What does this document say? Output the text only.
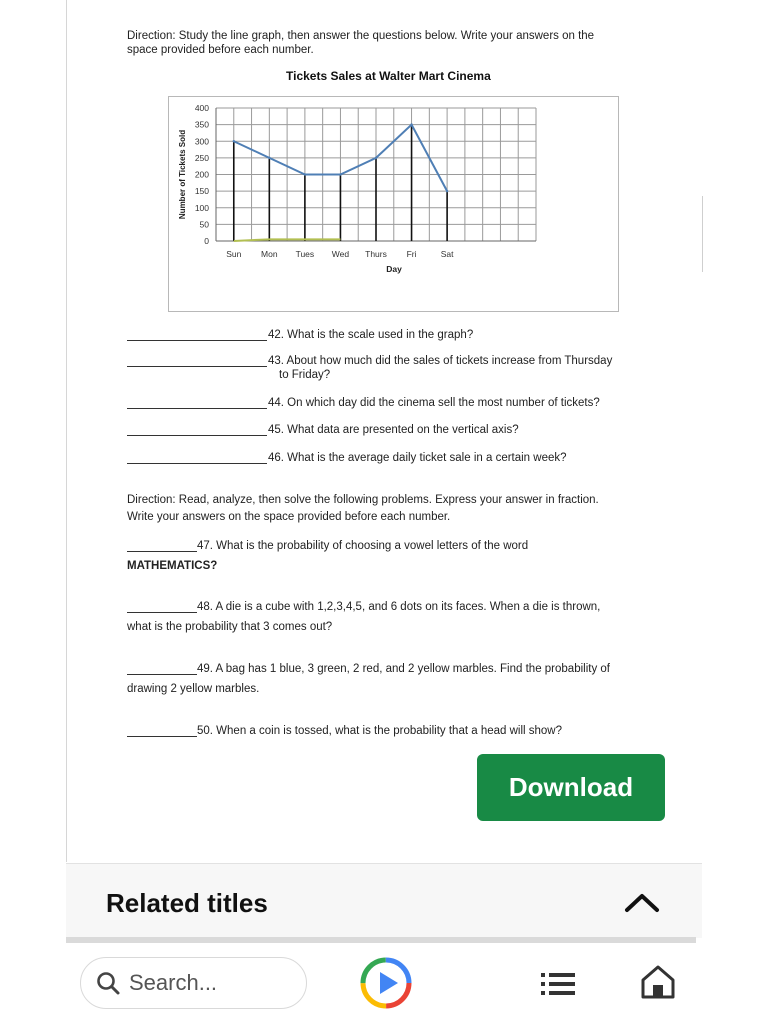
Direction: Study the line graph, then answer the questions below. Write your answers on the
space provided before each number.
Tickets Sales at Walter Mart Cinema
0
50
100
150
200
250
300
350
400
Sun Mon Tues Wed Thurs Fri	Sat
Day
Number of Tickets Sold
42. What is the scale used in the graph?
43. About how much did the sales of tickets increase from Thursday
to Friday?
44. On which day did the cinema sell the most number of tickets?
45. What data are presented on the vertical axis?
46. What is the average daily ticket sale in a certain week?
Direction: Read, analyze, then solve the following problems. Express your answer in fraction.
Write your answers on the space provided before each number.
47. What is the probability of choosing a vowel letters of the word
MATHEMATICS?
48. A die is a cube with 1,2,3,4,5, and 6 dots on its faces. When a die is thrown,
what is the probability that 3 comes out?
49. A bag has 1 blue, 3 green, 2 red, and 2 yellow marbles. Find the probability of
drawing 2 yellow marbles.
50. When a coin is tossed, what is the probability that a head will show?
Download
Related titles
Search...
